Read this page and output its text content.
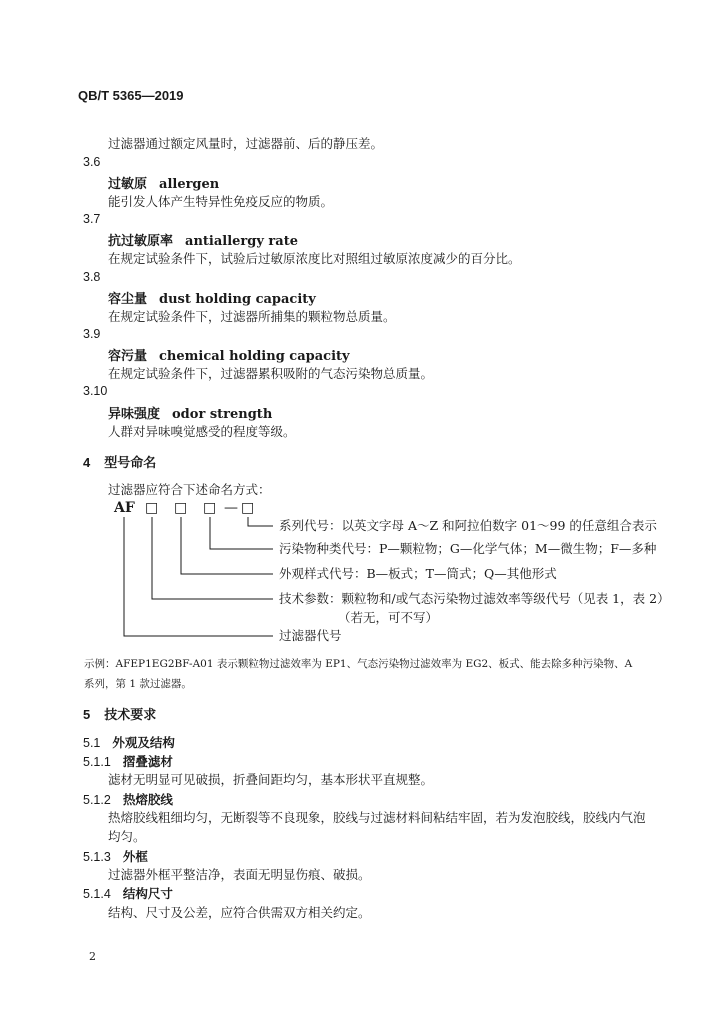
QB/T 5365—2019
过滤器通过额定风量时，过滤器前、后的静压差。
3.6
过敏原 allergen
能引发人体产生特异性免疫反应的物质。
3.7
抗过敏原率 antiallergy rate
在规定试验条件下，试验后过敏原浓度比对照组过敏原浓度减少的百分比。
3.8
容尘量 dust holding capacity
在规定试验条件下，过滤器所捕集的颗粒物总质量。
3.9
容污量 chemical holding capacity
在规定试验条件下，过滤器累积吸附的气态污染物总质量。
3.10
异味强度 odor strength
人群对异味嗅觉感受的程度等级。
4 型号命名
过滤器应符合下述命名方式：
AF □ □ □ — □
系列代号：以英文字母 A～Z 和阿拉伯数字 01～99 的任意组合表示
污染物种类代号：P—颗粒物；G—化学气体；M—微生物；F—多种
外观样式代号：B—板式；T—筒式；Q—其他形式
技术参数：颗粒物和/或气态污染物过滤效率等级代号（见表 1，表 2）
（若无，可不写）
过滤器代号
示例：AFEP1EG2BF-A01 表示颗粒物过滤效率为 EP1、气态污染物过滤效率为 EG2、板式、能去除多种污染物、A
系列，第 1 款过滤器。
5 技术要求
5.1 外观及结构
5.1.1 摺叠滤材
滤材无明显可见破损，折叠间距均匀，基本形状平直规整。
5.1.2 热熔胶线
热熔胶线粗细均匀，无断裂等不良现象，胶线与过滤材料间粘结牢固，若为发泡胶线，胶线内气泡
均匀。
5.1.3 外框
过滤器外框平整洁净，表面无明显伤痕、破损。
5.1.4 结构尺寸
结构、尺寸及公差，应符合供需双方相关约定。
2
